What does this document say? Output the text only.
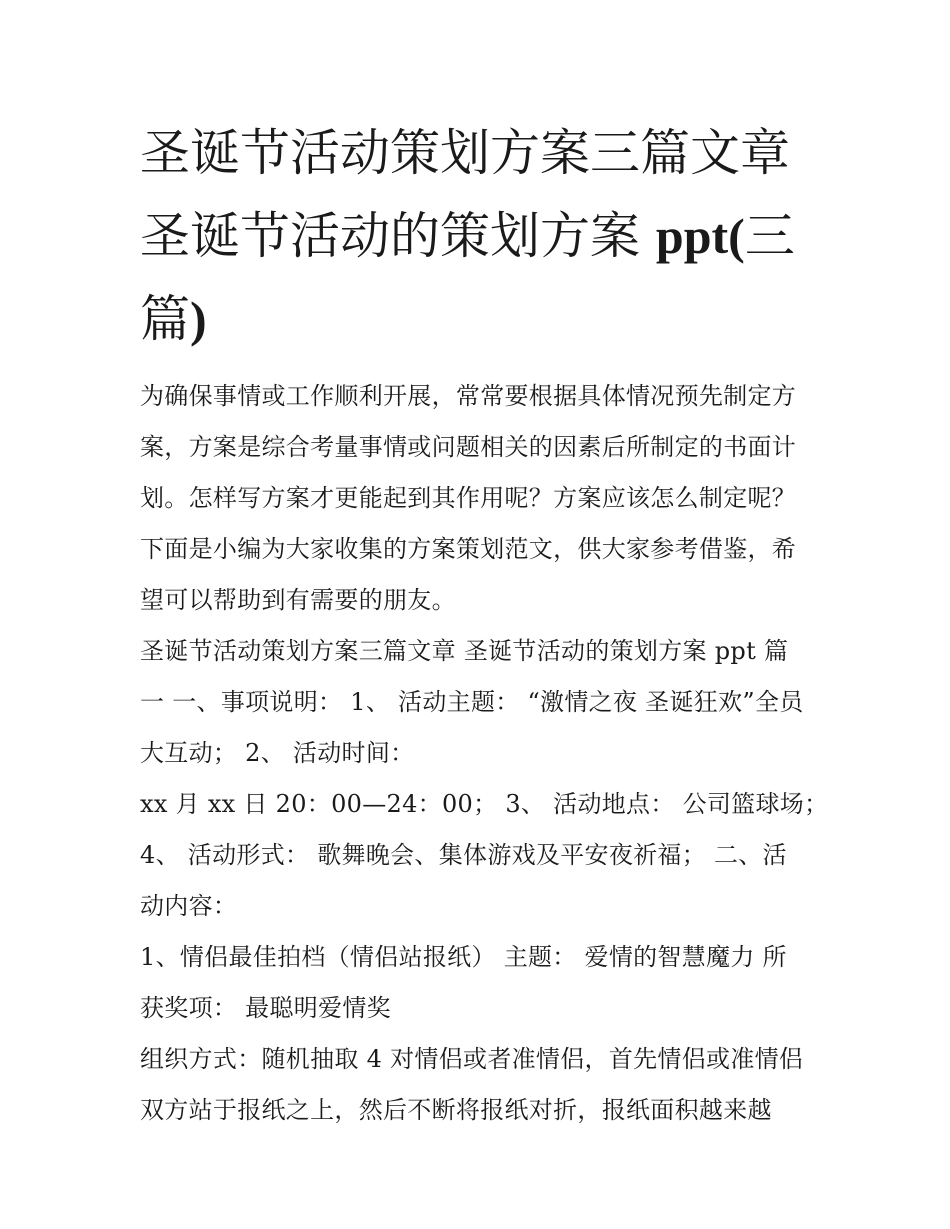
圣诞节活动策划方案三篇文章
圣诞节活动的策划方案 ppt(三
篇)
为确保事情或工作顺利开展，常常要根据具体情况预先制定方
案，方案是综合考量事情或问题相关的因素后所制定的书面计
划。怎样写方案才更能起到其作用呢？方案应该怎么制定呢？
下面是小编为大家收集的方案策划范文，供大家参考借鉴，希
望可以帮助到有需要的朋友。
圣诞节活动策划方案三篇文章 圣诞节活动的策划方案 ppt 篇
一 一、事项说明： 1、 活动主题： “激情之夜 圣诞狂欢”全员
大互动； 2、 活动时间：
xx 月 xx 日 20：00—24：00； 3、 活动地点： 公司篮球场；
4、 活动形式： 歌舞晚会、集体游戏及平安夜祈福； 二、活
动内容：
1、情侣最佳拍档（情侣站报纸） 主题： 爱情的智慧魔力 所
获奖项： 最聪明爱情奖
组织方式：随机抽取 4 对情侣或者准情侣，首先情侣或准情侣
双方站于报纸之上，然后不断将报纸对折，报纸面积越来越
